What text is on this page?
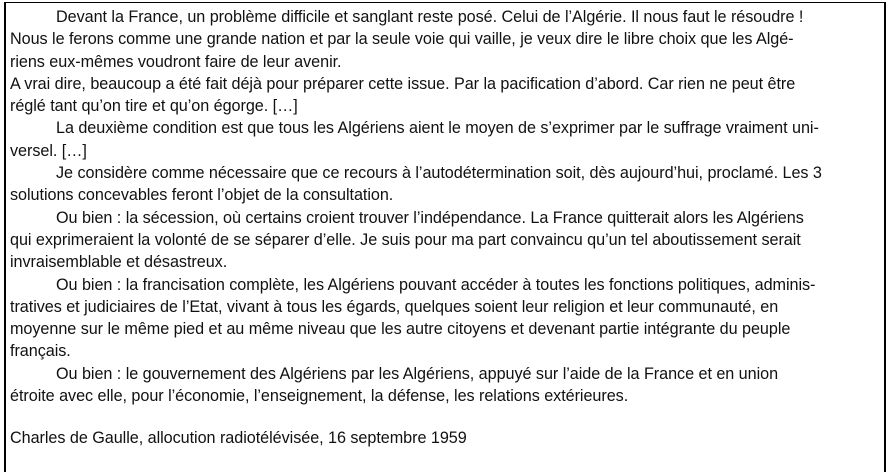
Devant la France, un problème difficile et sanglant reste posé. Celui de l’Algérie. Il nous faut le résoudre !
Nous le ferons comme une grande nation et par la seule voie qui vaille, je veux dire le libre choix que les Algé-
riens eux-mêmes voudront faire de leur avenir.
A vrai dire, beaucoup a été fait déjà pour préparer cette issue. Par la pacification d’abord. Car rien ne peut être
réglé tant qu’on tire et qu’on égorge. […]
La deuxième condition est que tous les Algériens aient le moyen de s’exprimer par le suffrage vraiment uni-
versel. […]
Je considère comme nécessaire que ce recours à l’autodétermination soit, dès aujourd’hui, proclamé. Les 3
solutions concevables feront l’objet de la consultation.
Ou bien : la sécession, où certains croient trouver l’indépendance. La France quitterait alors les Algériens
qui exprimeraient la volonté de se séparer d’elle. Je suis pour ma part convaincu qu’un tel aboutissement serait
invraisemblable et désastreux.
Ou bien : la francisation complète, les Algériens pouvant accéder à toutes les fonctions politiques, adminis-
tratives et judiciaires de l’Etat, vivant à tous les égards, quelques soient leur religion et leur communauté, en
moyenne sur le même pied et au même niveau que les autre citoyens et devenant partie intégrante du peuple
français.
Ou bien : le gouvernement des Algériens par les Algériens, appuyé sur l’aide de la France et en union
étroite avec elle, pour l’économie, l’enseignement, la défense, les relations extérieures.
Charles de Gaulle, allocution radiotélévisée, 16 septembre 1959
